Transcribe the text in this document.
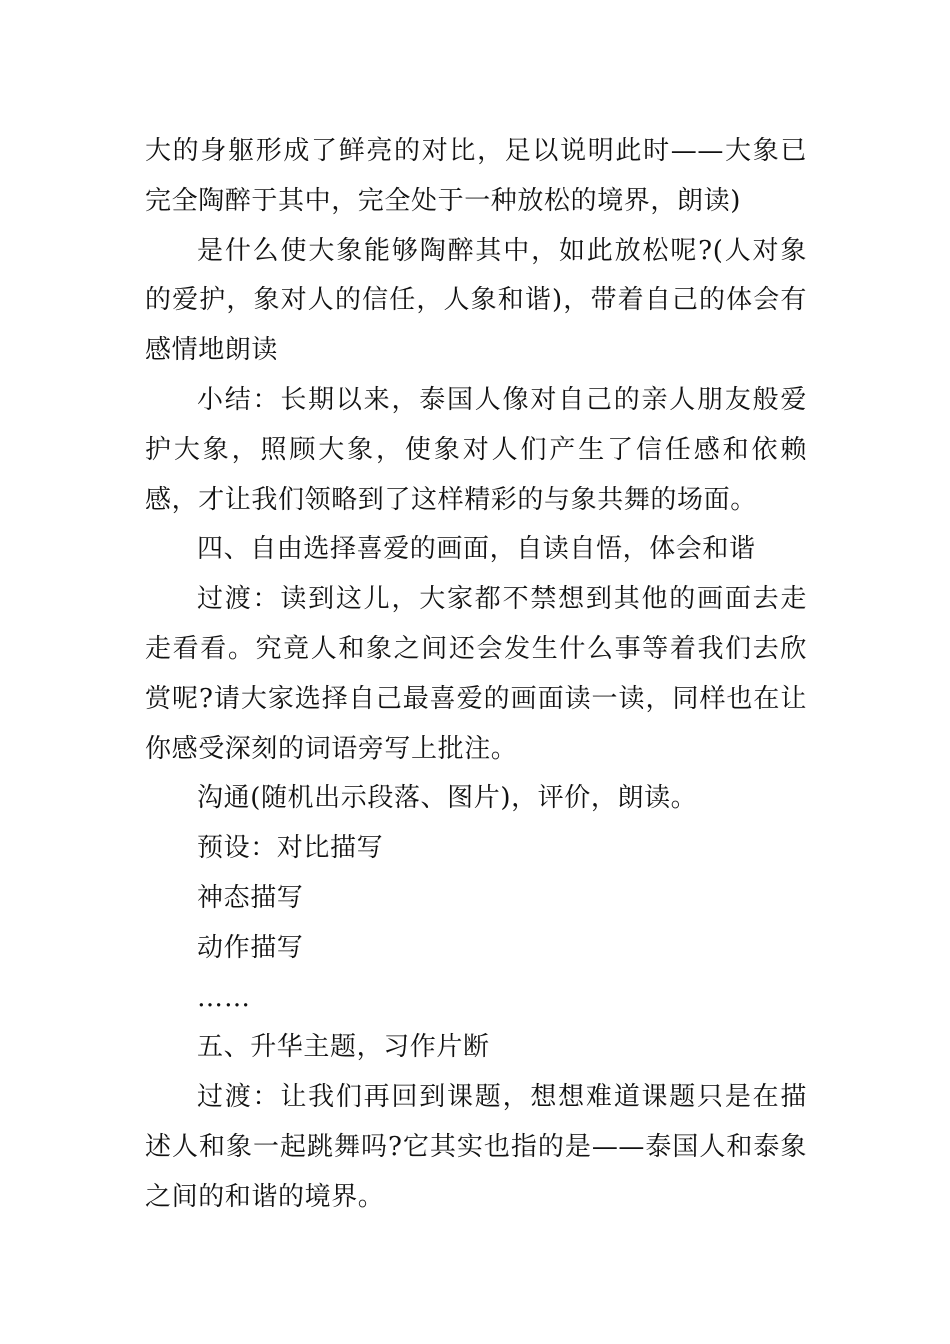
大的身躯形成了鲜亮的对比，足以说明此时——大象已完全陶醉于其中，完全处于一种放松的境界，朗读)

是什么使大象能够陶醉其中，如此放松呢?(人对象的爱护，象对人的信任，人象和谐)，带着自己的体会有感情地朗读

小结：长期以来，泰国人像对自己的亲人朋友般爱护大象，照顾大象，使象对人们产生了信任感和依赖感，才让我们领略到了这样精彩的与象共舞的场面。

四、自由选择喜爱的画面，自读自悟，体会和谐

过渡：读到这儿，大家都不禁想到其他的画面去走走看看。究竟人和象之间还会发生什么事等着我们去欣赏呢?请大家选择自己最喜爱的画面读一读，同样也在让你感受深刻的词语旁写上批注。

沟通(随机出示段落、图片)，评价，朗读。

预设：对比描写

神态描写

动作描写

……

五、升华主题，习作片断

过渡：让我们再回到课题，想想难道课题只是在描述人和象一起跳舞吗?它其实也指的是——泰国人和泰象之间的和谐的境界。
